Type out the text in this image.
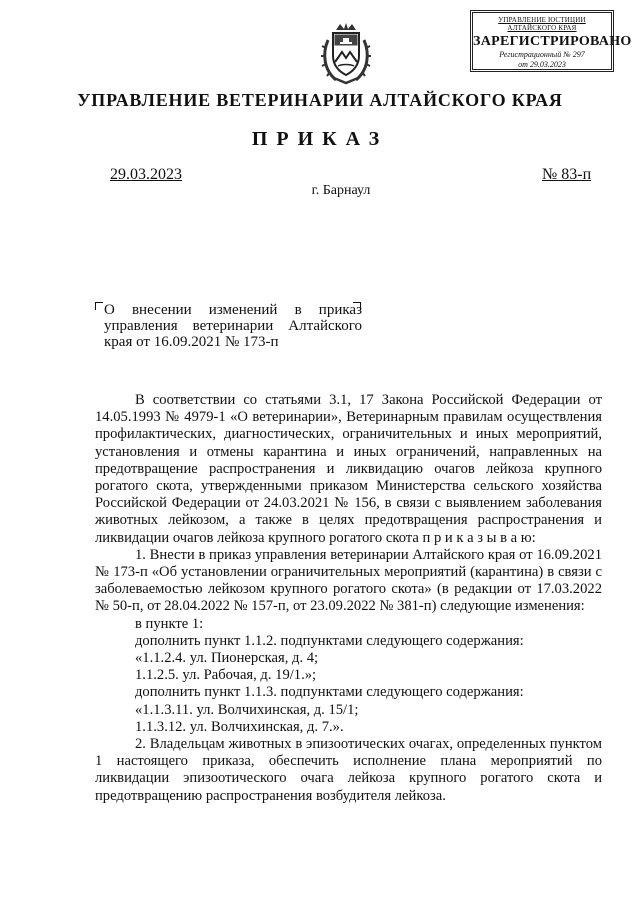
УПРАВЛЕНИЕ ЮСТИЦИИ
АЛТАЙСКОГО КРАЯ
ЗАРЕГИСТРИРОВАНО
Регистрационный № 297
от 29.03.2023
УПРАВЛЕНИЕ ВЕТЕРИНАРИИ АЛТАЙСКОГО КРАЯ
ПРИКАЗ
29.03.2023	№ 83-п
г. Барнаул
О внесении изменений в приказ управления ветеринарии Алтайского края от 16.09.2021 № 173-п

В соответствии со статьями 3.1, 17 Закона Российской Федерации от 14.05.1993 № 4979-1 «О ветеринарии», Ветеринарным правилам осуществления профилактических, диагностических, ограничительных и иных мероприятий, установления и отмены карантина и иных ограничений, направленных на предотвращение распространения и ликвидацию очагов лейкоза крупного рогатого скота, утвержденными приказом Министерства сельского хозяйства Российской Федерации от 24.03.2021 № 156, в связи с выявлением заболевания животных лейкозом, а также в целях предотвращения распространения и ликвидации очагов лейкоза крупного рогатого скота п р и к а з ы в а ю:

1. Внести в приказ управления ветеринарии Алтайского края от 16.09.2021 № 173-п «Об установлении ограничительных мероприятий (карантина) в связи с заболеваемостью лейкозом крупного рогатого скота» (в редакции от 17.03.2022 № 50-п, от 28.04.2022 № 157-п, от 23.09.2022 № 381-п) следующие изменения:

в пункте 1:

дополнить пункт 1.1.2. подпунктами следующего содержания:

«1.1.2.4. ул. Пионерская, д. 4;

1.1.2.5. ул. Рабочая, д. 19/1.»;

дополнить пункт 1.1.3. подпунктами следующего содержания:

«1.1.3.11. ул. Волчихинская, д. 15/1;

1.1.3.12. ул. Волчихинская, д. 7.».

2. Владельцам животных в эпизоотических очагах, определенных пунктом 1 настоящего приказа, обеспечить исполнение плана мероприятий по ликвидации эпизоотического очага лейкоза крупного рогатого скота и предотвращению распространения возбудителя лейкоза.
